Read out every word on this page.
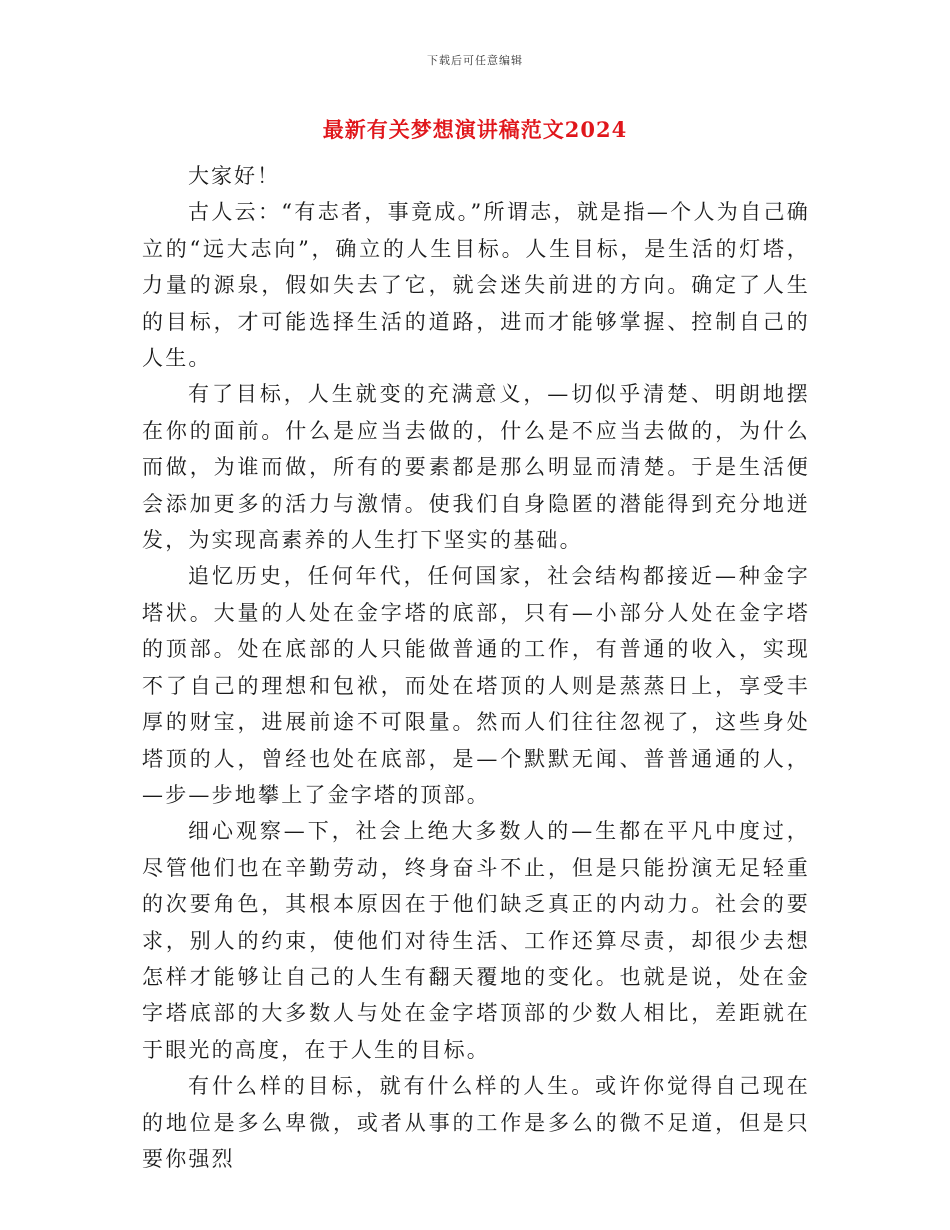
下载后可任意编辑
最新有关梦想演讲稿范文2024

大家好！

古人云：“有志者，事竟成。”所谓志，就是指—个人为自己确立的“远大志向”，确立的人生目标。人生目标，是生活的灯塔，力量的源泉，假如失去了它，就会迷失前进的方向。确定了人生的目标，才可能选择生活的道路，进而才能够掌握、控制自己的人生。

有了目标，人生就变的充满意义，—切似乎清楚、明朗地摆在你的面前。什么是应当去做的，什么是不应当去做的，为什么而做，为谁而做，所有的要素都是那么明显而清楚。于是生活便会添加更多的活力与激情。使我们自身隐匿的潜能得到充分地迸发，为实现高素养的人生打下坚实的基础。

追忆历史，任何年代，任何国家，社会结构都接近—种金字塔状。大量的人处在金字塔的底部，只有—小部分人处在金字塔的顶部。处在底部的人只能做普通的工作，有普通的收入，实现不了自己的理想和包袱，而处在塔顶的人则是蒸蒸日上，享受丰厚的财宝，进展前途不可限量。然而人们往往忽视了，这些身处塔顶的人，曾经也处在底部，是—个默默无闻、普普通通的人，—步—步地攀上了金字塔的顶部。

细心观察—下，社会上绝大多数人的—生都在平凡中度过，尽管他们也在辛勤劳动，终身奋斗不止，但是只能扮演无足轻重的次要角色，其根本原因在于他们缺乏真正的内动力。社会的要求，别人的约束，使他们对待生活、工作还算尽责，却很少去想怎样才能够让自己的人生有翻天覆地的变化。也就是说，处在金字塔底部的大多数人与处在金字塔顶部的少数人相比，差距就在于眼光的高度，在于人生的目标。

有什么样的目标，就有什么样的人生。或许你觉得自己现在的地位是多么卑微，或者从事的工作是多么的微不足道，但是只要你强烈
